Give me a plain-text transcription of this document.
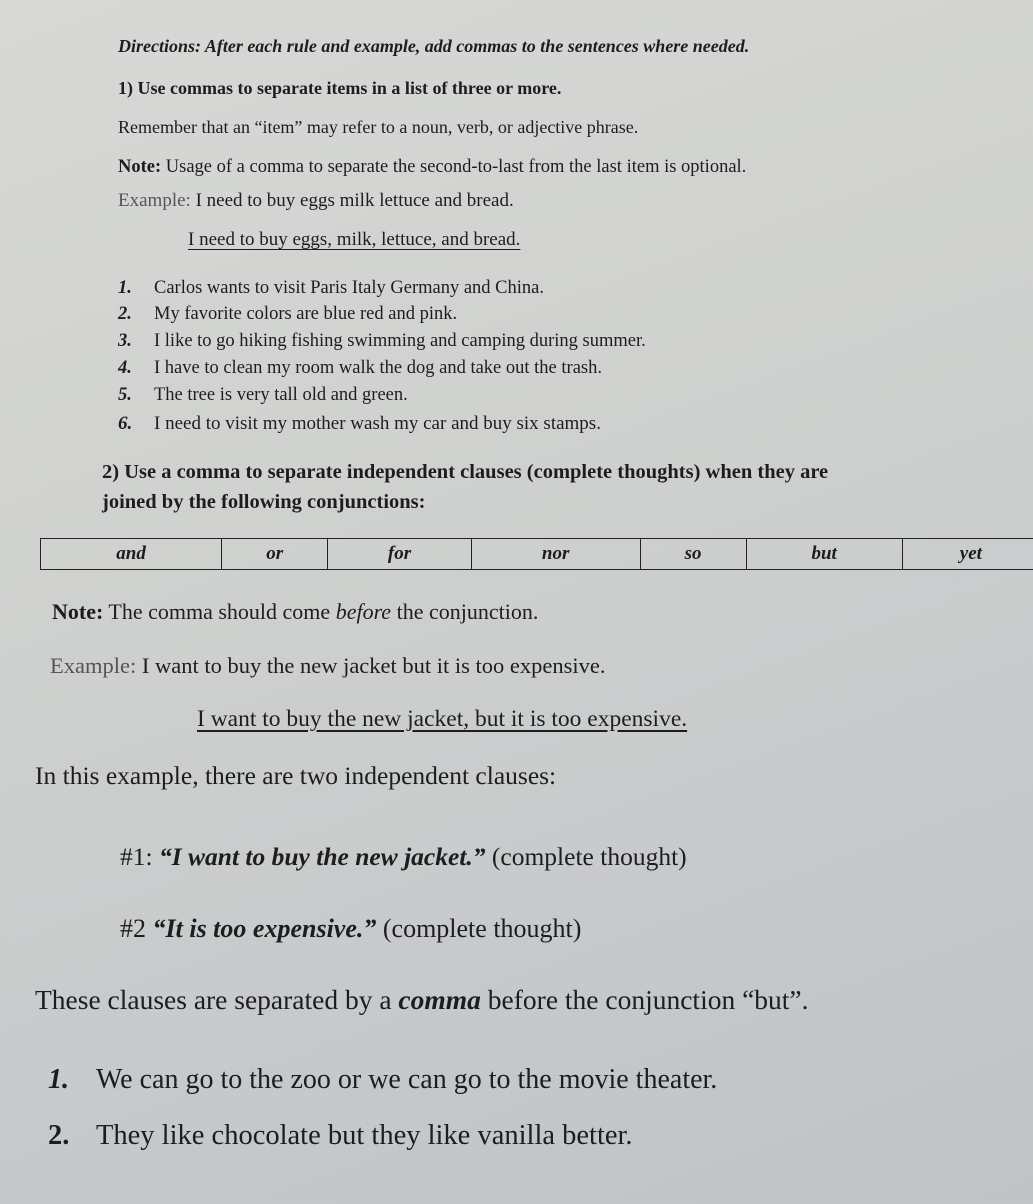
Directions: After each rule and example, add commas to the sentences where needed.
1) Use commas to separate items in a list of three or more.
Remember that an “item” may refer to a noun, verb, or adjective phrase.
Note: Usage of a comma to separate the second-to-last from the last item is optional.
Example: I need to buy eggs milk lettuce and bread.
I need to buy eggs, milk, lettuce, and bread.
1. Carlos wants to visit Paris Italy Germany and China.
2. My favorite colors are blue red and pink.
3. I like to go hiking fishing swimming and camping during summer.
4. I have to clean my room walk the dog and take out the trash.
5. The tree is very tall old and green.
6. I need to visit my mother wash my car and buy six stamps.
2) Use a comma to separate independent clauses (complete thoughts) when they are
joined by the following conjunctions:
and	or	for	nor	so	but	yet
Note: The comma should come before the conjunction.
Example: I want to buy the new jacket but it is too expensive.
I want to buy the new jacket, but it is too expensive.
In this example, there are two independent clauses:
#1: “I want to buy the new jacket.” (complete thought)
#2 “It is too expensive.” (complete thought)
These clauses are separated by a comma before the conjunction “but”.
1. We can go to the zoo or we can go to the movie theater.
2. They like chocolate but they like vanilla better.
